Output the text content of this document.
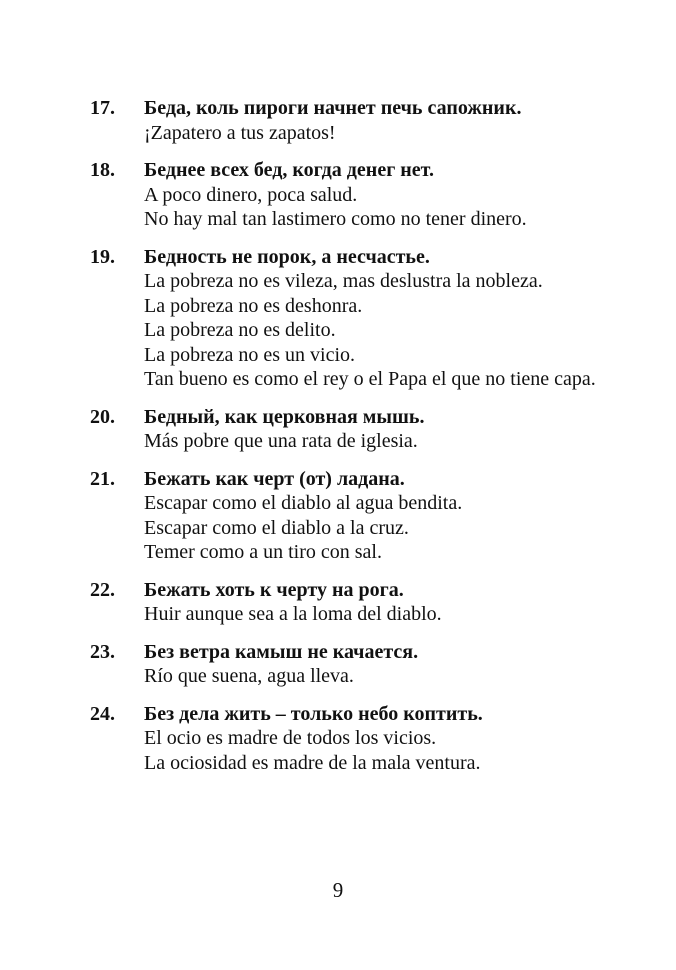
17.	Беда, коль пироги начнет печь сапожник.
¡Zapatero a tus zapatos!
18.	Беднее всех бед, когда денег нет.
A poco dinero, poca salud.
No hay mal tan lastimero como no tener dinero.
19.	Бедность не порок, а несчастье.
La pobreza no es vileza, mas deslustra la nobleza.
La pobreza no es deshonra.
La pobreza no es delito.
La pobreza no es un vicio.
Tan bueno es como el rey o el Papa el que no tiene capa.
20.	Бедный, как церковная мышь.
Más pobre que una rata de iglesia.
21.	Бежать как черт (от) ладана.
Escapar como el diablo al agua bendita.
Escapar como el diablo a la cruz.
Temer como a un tiro con sal.
22.	Бежать хоть к черту на рога.
Huir aunque sea a la loma del diablo.
23.	Без ветра камыш не качается.
Río que suena, agua lleva.
24.	Без дела жить – только небо коптить.
El ocio es madre de todos los vicios.
La ociosidad es madre de la mala ventura.
9
